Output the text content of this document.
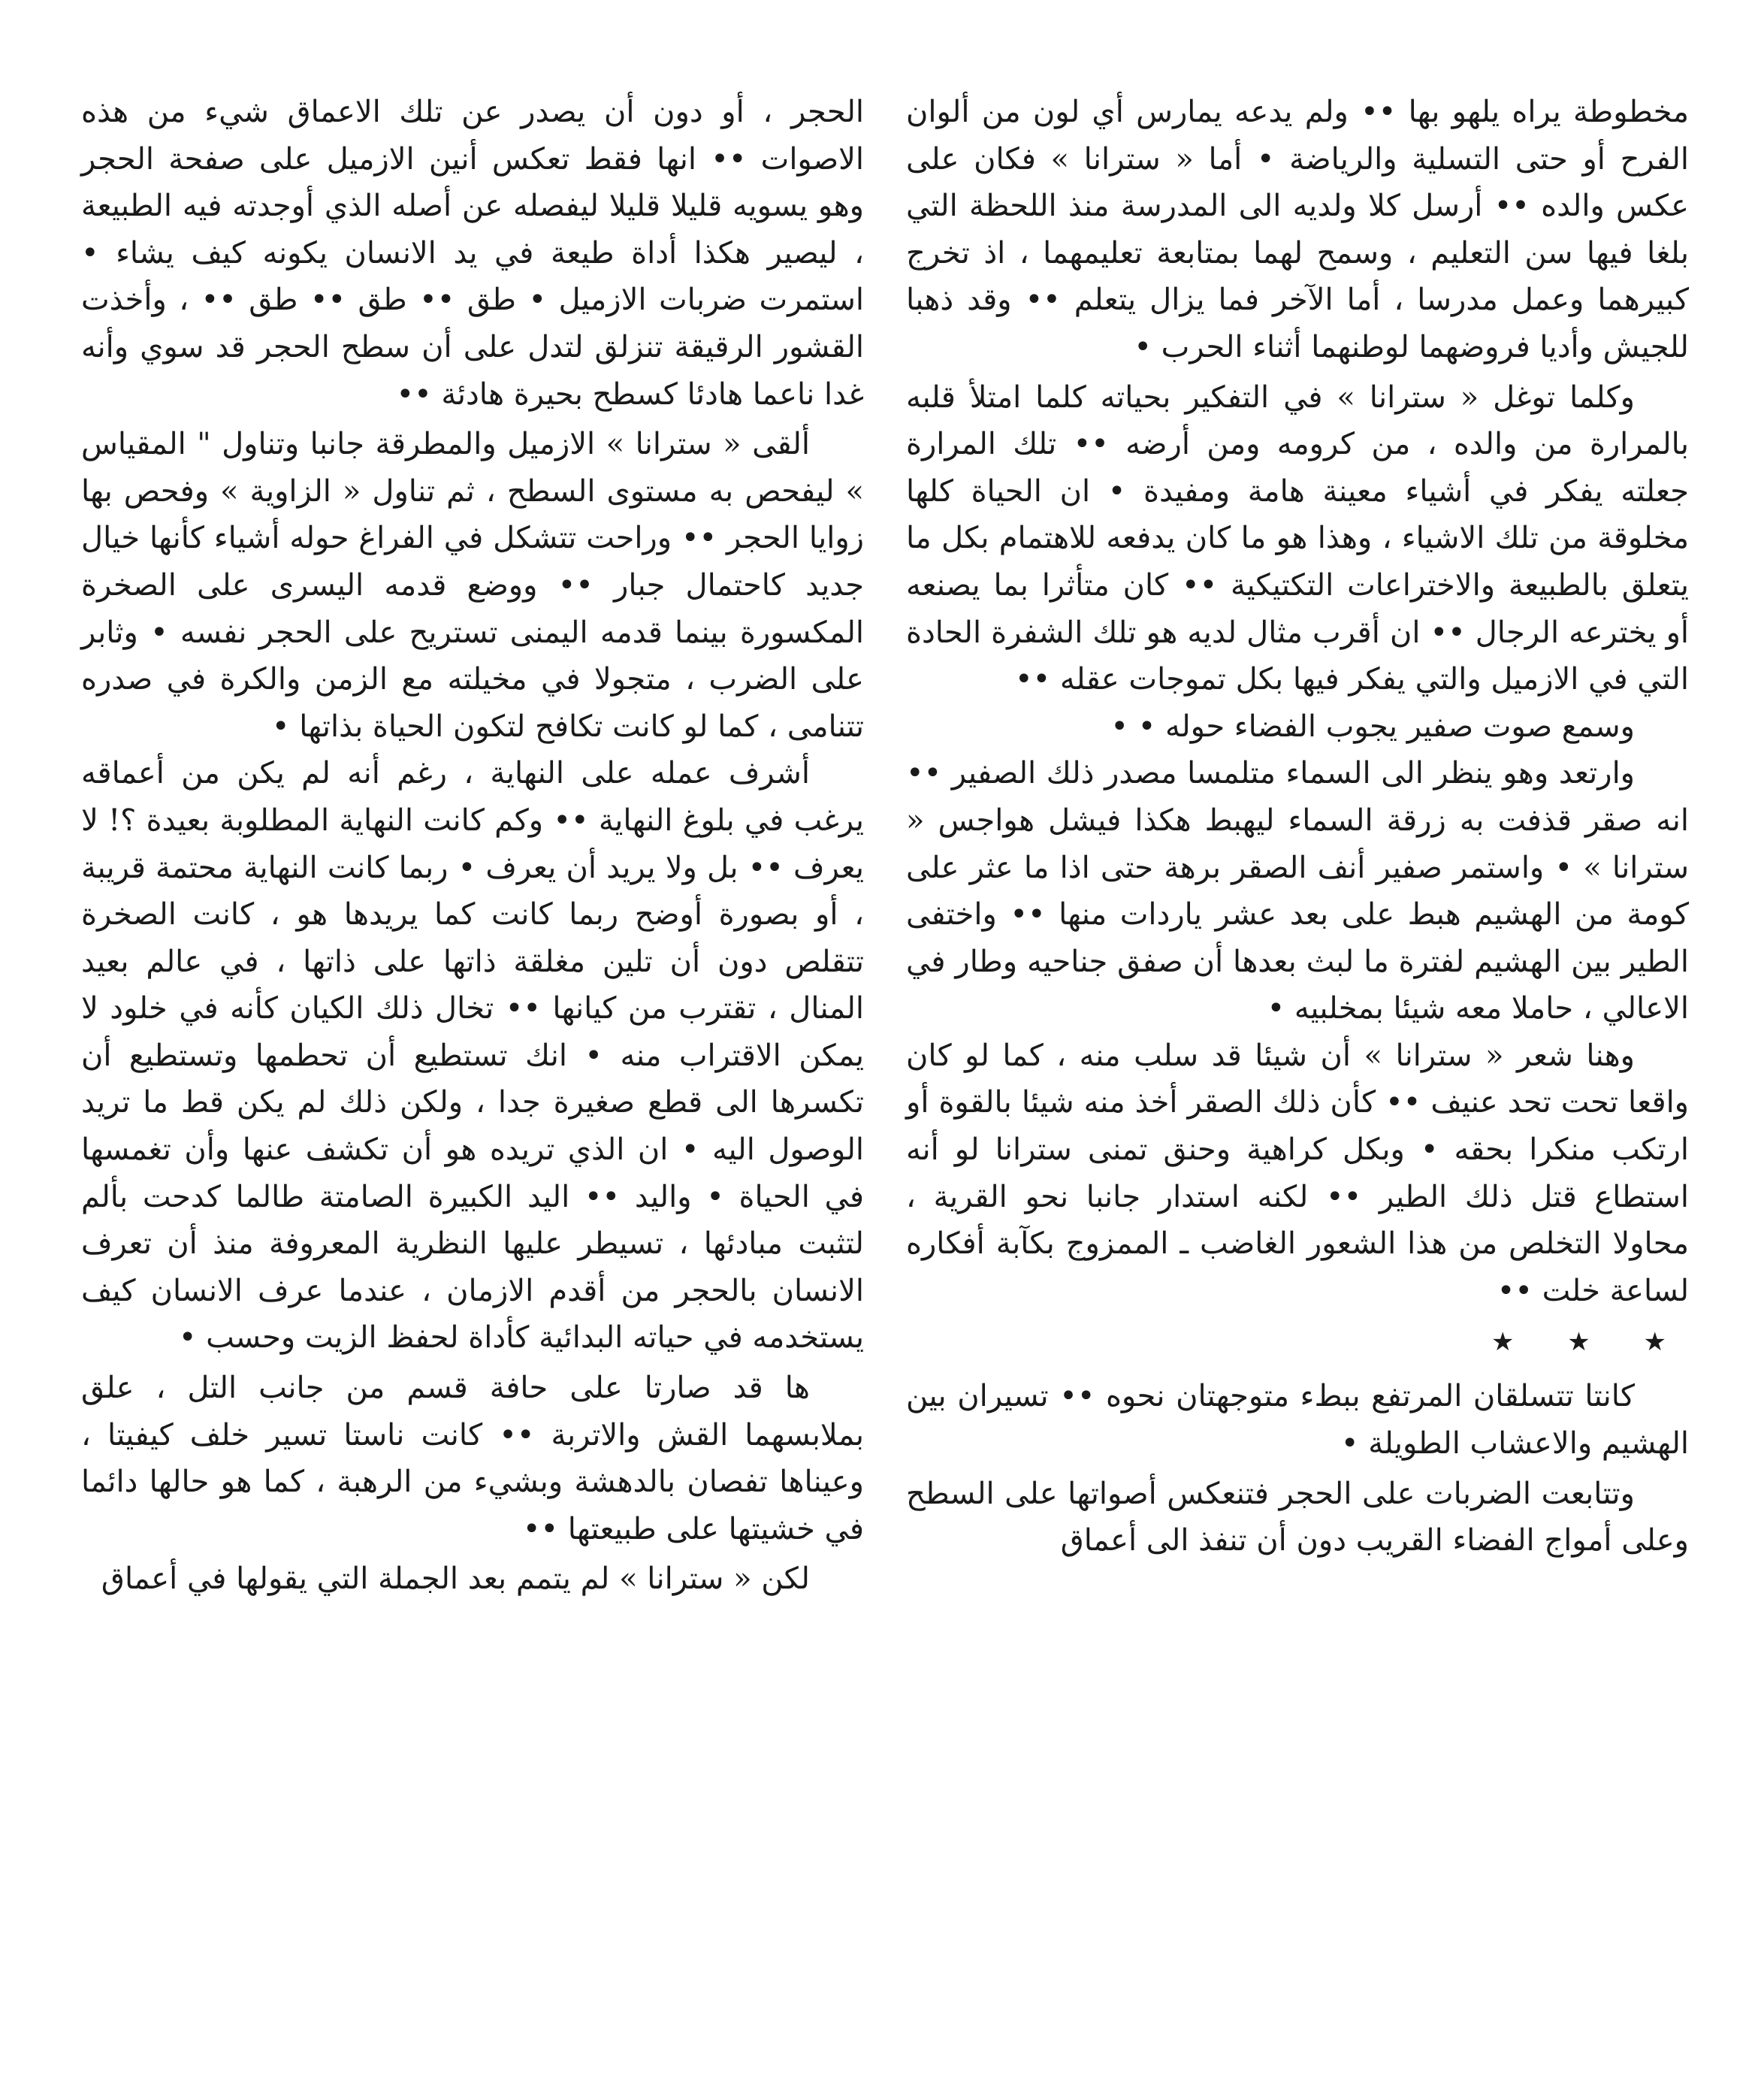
مخطوطة يراه يلهو بها •• ولم يدعه يمارس أي لون من ألوان الفرح أو حتى التسلية والرياضة • أما « سترانا » فكان على عكس والده •• أرسل كلا ولديه الى المدرسة منذ اللحظة التي بلغا فيها سن التعليم ، وسمح لهما بمتابعة تعليمهما ، اذ تخرج كبيرهما وعمل مدرسا ، أما الآخر فما يزال يتعلم •• وقد ذهبا للجيش وأديا فروضهما لوطنهما أثناء الحرب •

وكلما توغل « سترانا » في التفكير بحياته كلما امتلأ قلبه بالمرارة من والده ، من كرومه ومن أرضه •• تلك المرارة جعلته يفكر في أشياء معينة هامة ومفيدة • ان الحياة كلها مخلوقة من تلك الاشياء ، وهذا هو ما كان يدفعه للاهتمام بكل ما يتعلق بالطبيعة والاختراعات التكتيكية •• كان متأثرا بما يصنعه أو يخترعه الرجال •• ان أقرب مثال لديه هو تلك الشفرة الحادة التي في الازميل والتي يفكر فيها بكل تموجات عقله ••

وسمع صوت صفير يجوب الفضاء حوله • •

وارتعد وهو ينظر الى السماء متلمسا مصدر ذلك الصفير •• انه صقر قذفت به زرقة السماء ليهبط هكذا فيشل هواجس « سترانا » • واستمر صفير أنف الصقر برهة حتى اذا ما عثر على كومة من الهشيم هبط على بعد عشر ياردات منها •• واختفى الطير بين الهشيم لفترة ما لبث بعدها أن صفق جناحيه وطار في الاعالي ، حاملا معه شيئا بمخلبيه •

وهنا شعر « سترانا » أن شيئا قد سلب منه ، كما لو كان واقعا تحت تحد عنيف •• كأن ذلك الصقر أخذ منه شيئا بالقوة أو ارتكب منكرا بحقه • وبكل كراهية وحنق تمنى سترانا لو أنه استطاع قتل ذلك الطير •• لكنه استدار جانبا نحو القرية ، محاولا التخلص من هذا الشعور الغاضب ـ الممزوج بكآبة أفكاره لساعة خلت ••

★ ★ ★

كانتا تتسلقان المرتفع ببطء متوجهتان نحوه •• تسيران بين الهشيم والاعشاب الطويلة •

وتتابعت الضربات على الحجر فتنعكس أصواتها على السطح وعلى أمواج الفضاء القريب دون أن تنفذ الى أعماق

الحجر ، أو دون أن يصدر عن تلك الاعماق شيء من هذه الاصوات •• انها فقط تعكس أنين الازميل على صفحة الحجر وهو يسويه قليلا قليلا ليفصله عن أصله الذي أوجدته فيه الطبيعة ، ليصير هكذا أداة طيعة في يد الانسان يكونه كيف يشاء • استمرت ضربات الازميل • طق •• طق •• طق •• ، وأخذت القشور الرقيقة تنزلق لتدل على أن سطح الحجر قد سوي وأنه غدا ناعما هادئا كسطح بحيرة هادئة ••

ألقى « سترانا » الازميل والمطرقة جانبا وتناول " المقياس » ليفحص به مستوى السطح ، ثم تناول « الزاوية » وفحص بها زوايا الحجر •• وراحت تتشكل في الفراغ حوله أشياء كأنها خيال جديد كاحتمال جبار •• ووضع قدمه اليسرى على الصخرة المكسورة بينما قدمه اليمنى تستريح على الحجر نفسه • وثابر على الضرب ، متجولا في مخيلته مع الزمن والكرة في صدره تتنامى ، كما لو كانت تكافح لتكون الحياة بذاتها •

أشرف عمله على النهاية ، رغم أنه لم يكن من أعماقه يرغب في بلوغ النهاية •• وكم كانت النهاية المطلوبة بعيدة ؟! لا يعرف •• بل ولا يريد أن يعرف • ربما كانت النهاية محتمة قريبة ، أو بصورة أوضح ربما كانت كما يريدها هو ، كانت الصخرة تتقلص دون أن تلين مغلقة ذاتها على ذاتها ، في عالم بعيد المنال ، تقترب من كيانها •• تخال ذلك الكيان كأنه في خلود لا يمكن الاقتراب منه • انك تستطيع أن تحطمها وتستطيع أن تكسرها الى قطع صغيرة جدا ، ولكن ذلك لم يكن قط ما تريد الوصول اليه • ان الذي تريده هو أن تكشف عنها وأن تغمسها في الحياة • واليد •• اليد الكبيرة الصامتة طالما كدحت بألم لتثبت مبادئها ، تسيطر عليها النظرية المعروفة منذ أن تعرف الانسان بالحجر من أقدم الازمان ، عندما عرف الانسان كيف يستخدمه في حياته البدائية كأداة لحفظ الزيت وحسب •

ها قد صارتا على حافة قسم من جانب التل ، علق بملابسهما القش والاتربة •• كانت ناستا تسير خلف كيفيتا ، وعيناها تفصان بالدهشة وبشيء من الرهبة ، كما هو حالها دائما في خشيتها على طبيعتها ••

لكن « سترانا » لم يتمم بعد الجملة التي يقولها في أعماق
